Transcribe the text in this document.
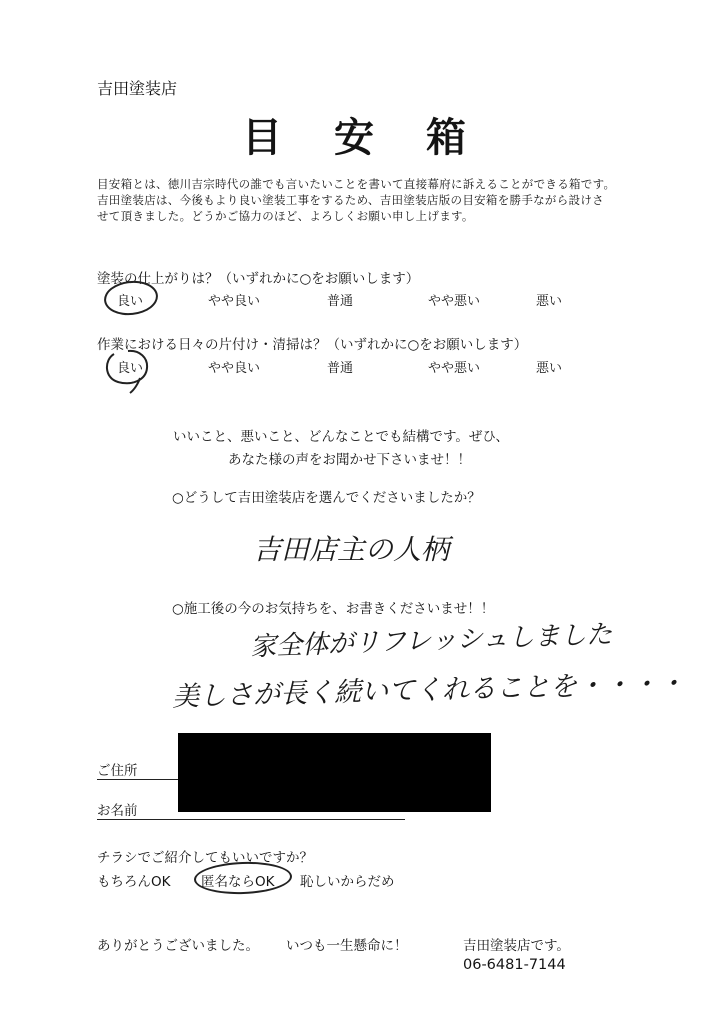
吉田塗装店
目安箱
目安箱とは、徳川吉宗時代の誰でも言いたいことを書いて直接幕府に訴えることができる箱です。
吉田塗装店は、今後もより良い塗装工事をするため、吉田塗装店版の目安箱を勝手ながら設けさ
せて頂きました。どうかご協力のほど、よろしくお願い申し上げます。
塗装の仕上がりは？（いずれかに○をお願いします）
良い	やや良い	普通	やや悪い	悪い
作業における日々の片付け・清掃は？（いずれかに○をお願いします）
良い	やや良い	普通	やや悪い	悪い
いいこと、悪いこと、どんなことでも結構です。ぜひ、
あなた様の声をお聞かせ下さいませ！！
○どうして吉田塗装店を選んでくださいましたか？
吉田店主の人柄
○施工後の今のお気持ちを、お書きくださいませ！！
家全体がリフレッシュしました
美しさが長く続いてくれることを・・・・
ご住所
お名前
チラシでご紹介してもいいですか？
もちろんOK 匿名ならOK 恥しいからだめ
ありがとうございました。 いつも一生懸命に！	吉田塗装店です。
06-6481-7144
